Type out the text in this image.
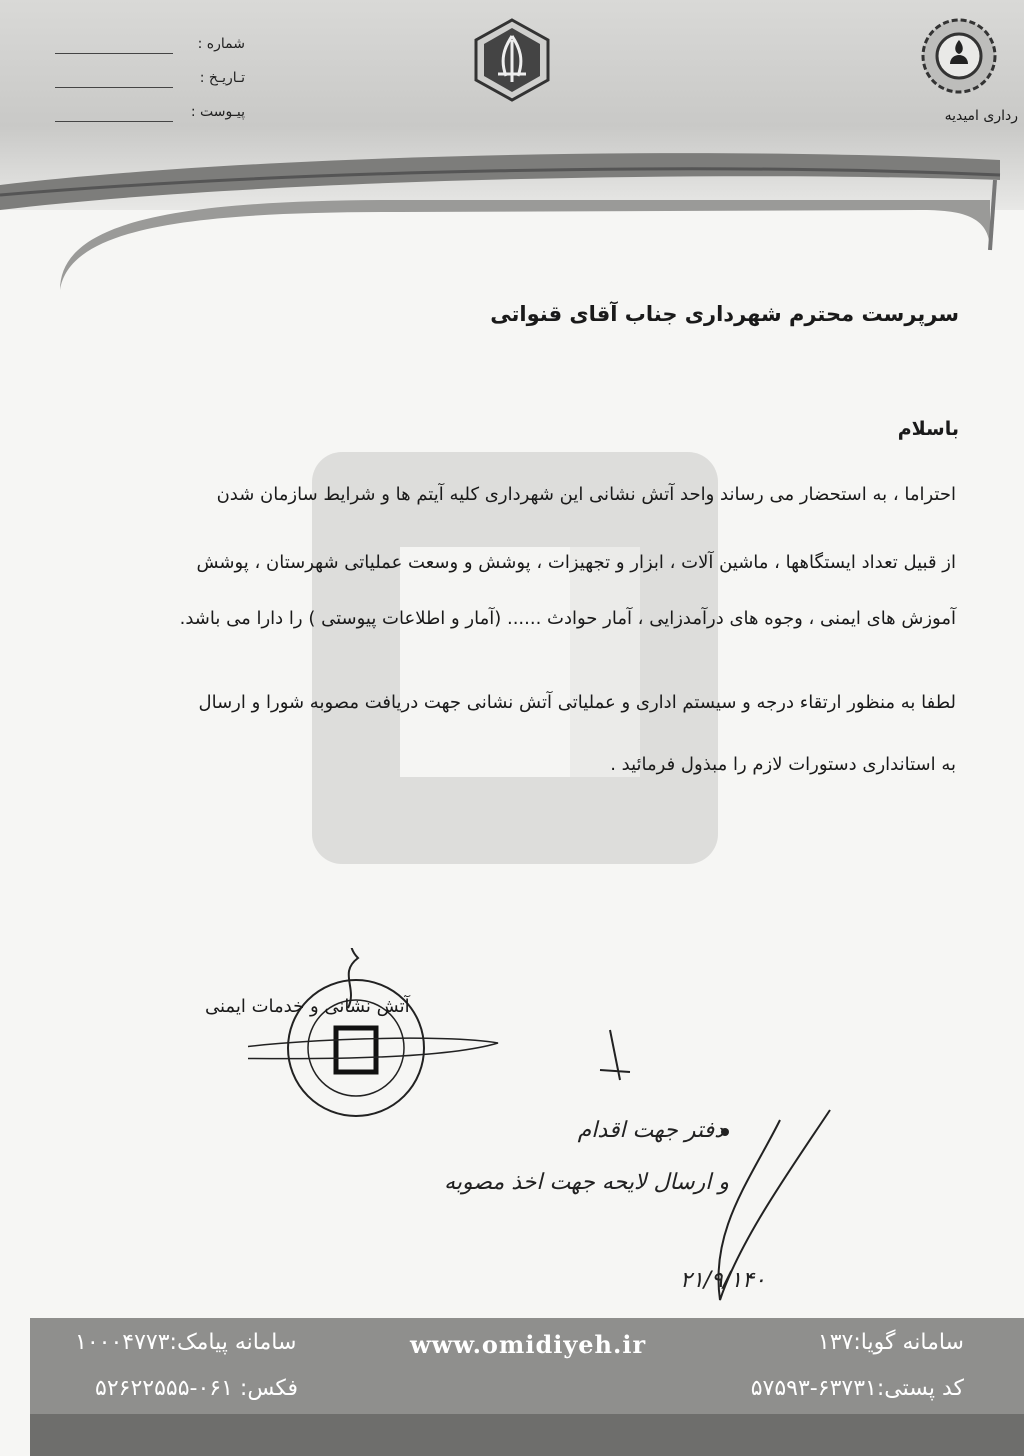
شماره :
تـاریـخ :
پیـوست :	رداری امیدیه
سرپرست محترم شهرداری جناب آقای قنواتی
باسلام
احتراما ، به استحضار می رساند واحد آتش نشانی این شهرداری کلیه آیتم ها و شرایط سازمان شدن
از قبیل تعداد ایستگاهها ، ماشین آلات ، ابزار و تجهیزات ، پوشش و وسعت عملیاتی شهرستان ، پوشش
آموزش های ایمنی ، وجوه های درآمدزایی ، آمار حوادث ...... (آمار و اطلاعات پیوستی ) را دارا می باشد.
لطفا به منظور ارتقاء درجه و سیستم اداری و عملیاتی آتش نشانی جهت دریافت مصوبه شورا و ارسال
به استانداری دستورات لازم را مبذول فرمائید .
آتش نشانی و خدمات ایمنی
دفتر جهت اقدام
و ارسال لایحه جهت اخذ مصوبه
۲۱/۹/۱۴۰
سامانه گویا:۱۳۷
www.omidiyeh.ir
سامانه پیامک:۱۰۰۰۴۷۷۳
کد پستی:۶۳۷۳۱-۵۷۵۹۳
فکس: ۰۶۱-۵۲۶۲۲۵۵۵
